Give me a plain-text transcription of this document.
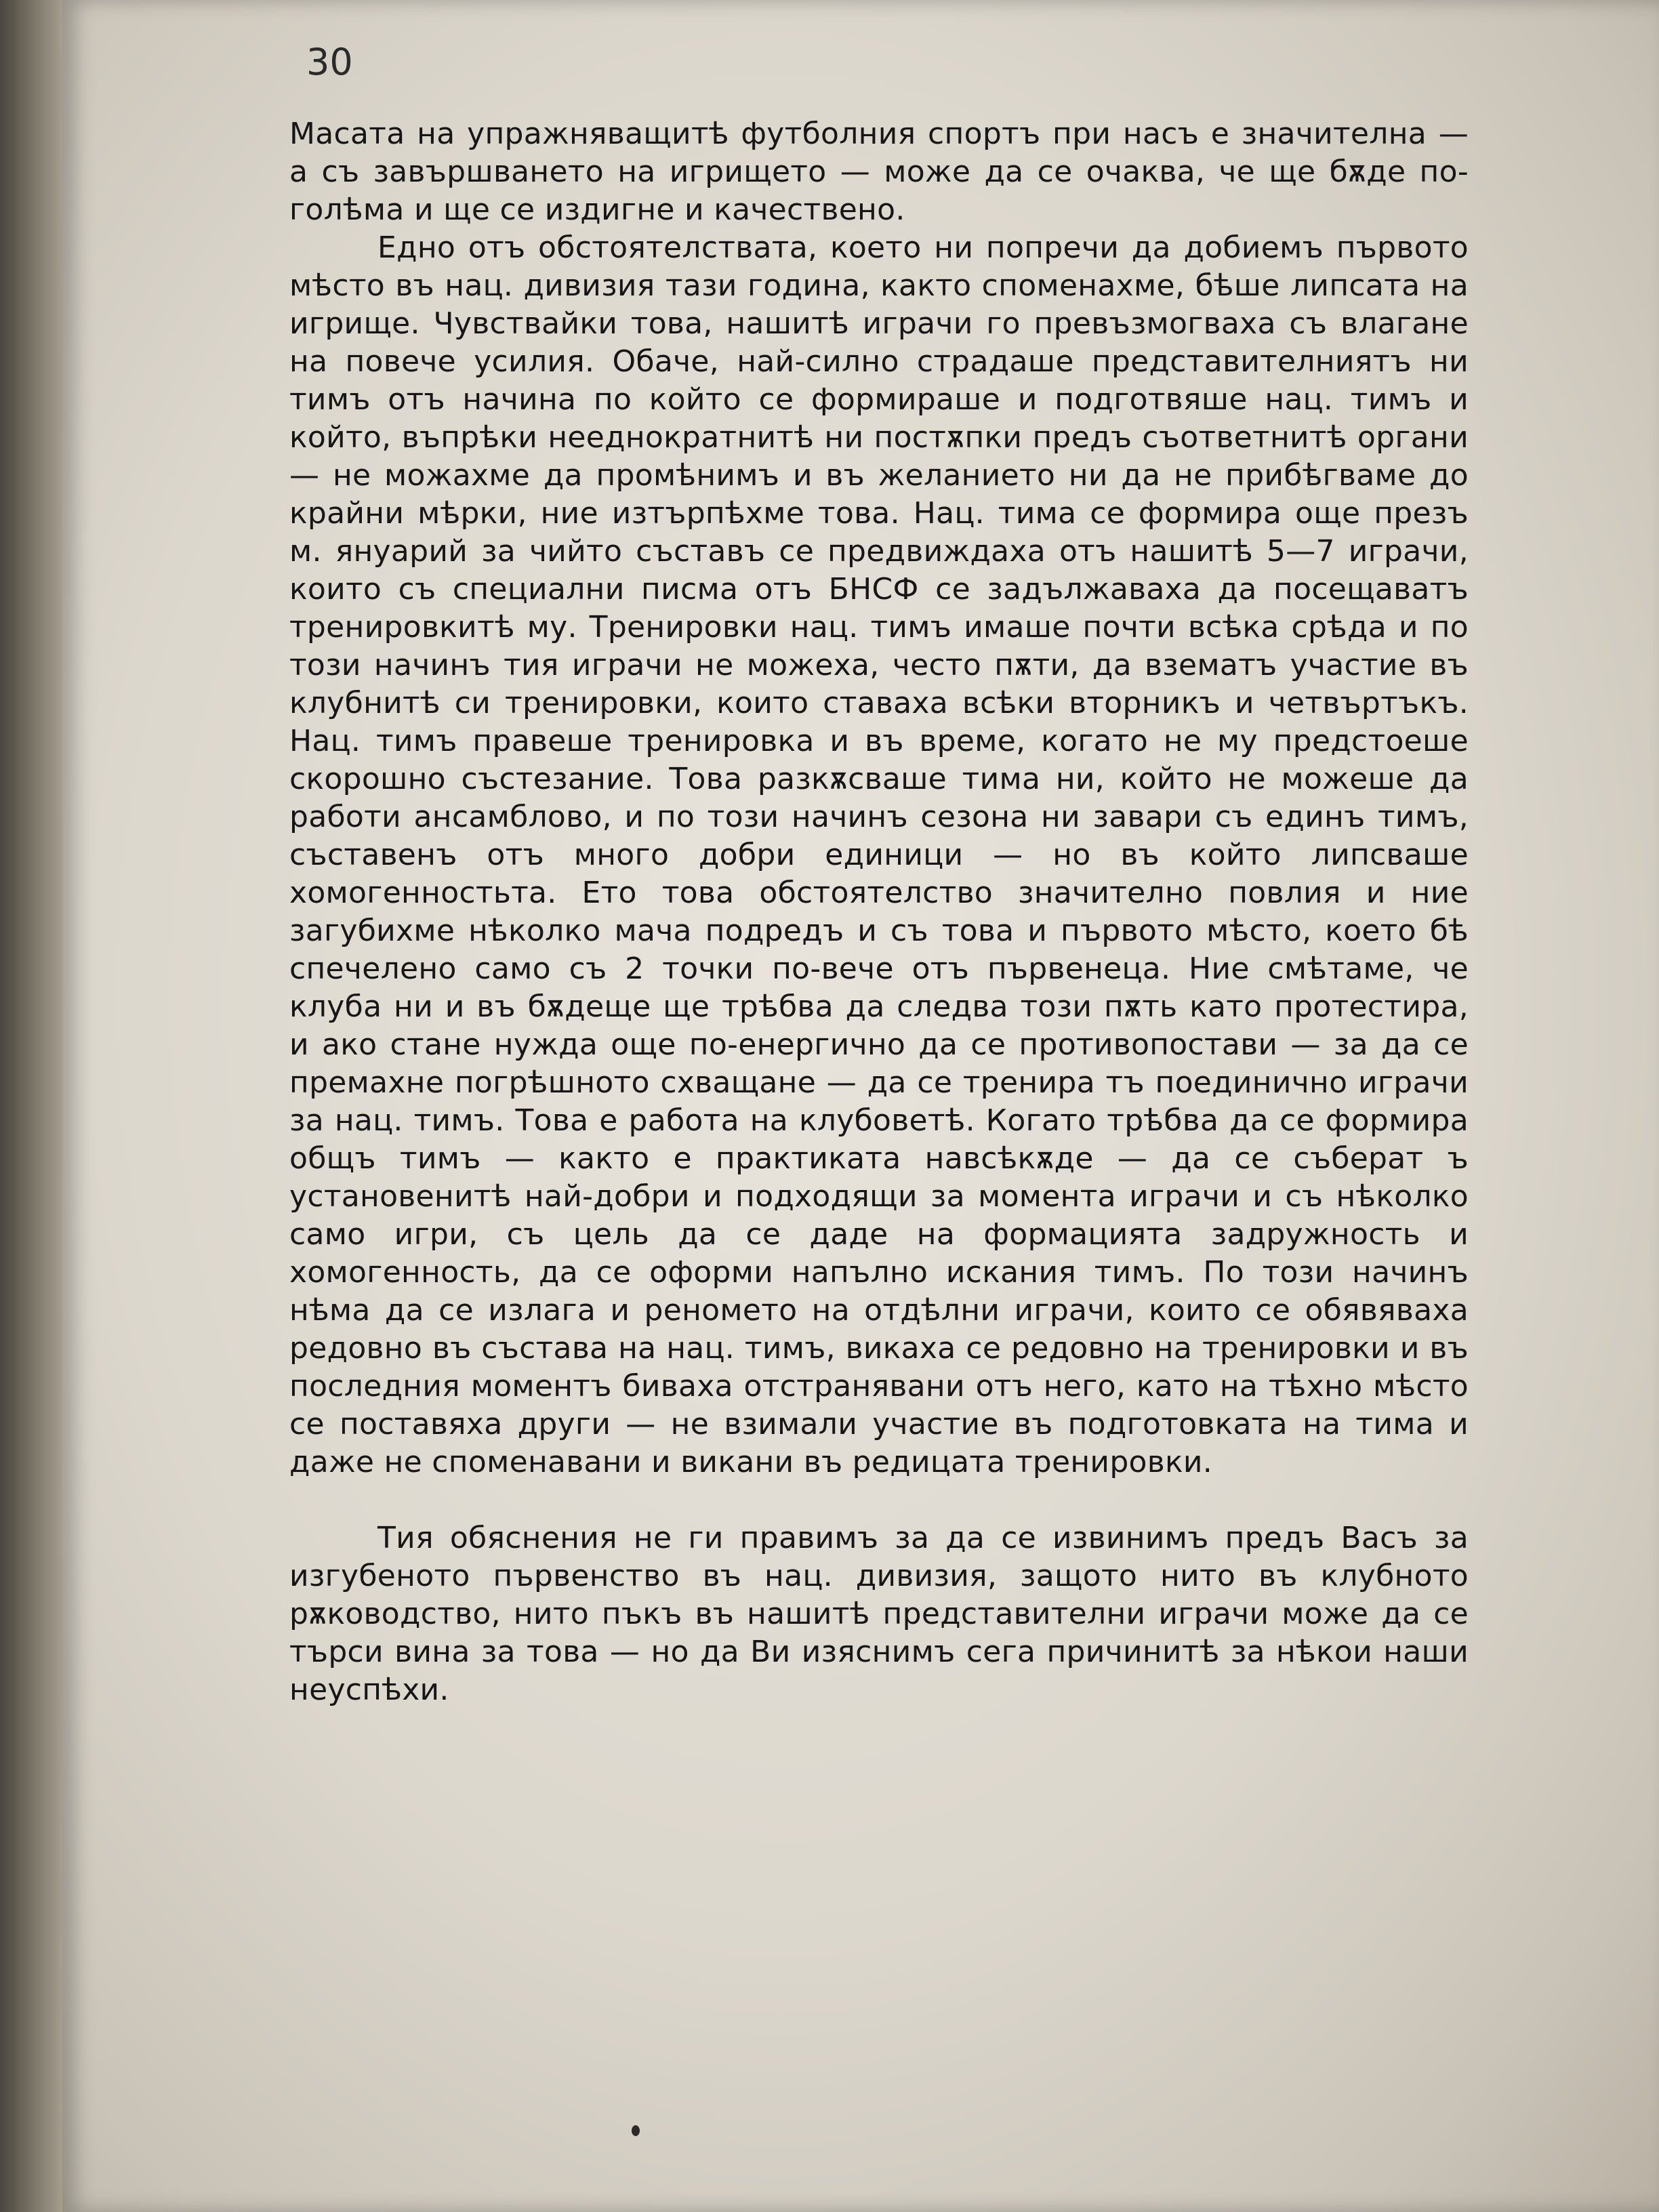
30

Масата на упражняващитѣ футболния спортъ при насъ е значителна — а съ завършването на игрището — може да се очаква, че ще бѫде по-голѣма и ще се издигне и качествено.

Едно отъ обстоятелствата, което ни попречи да добиемъ първото мѣсто въ нац. дивизия тази година, както споменахме, бѣше липсата на игрище. Чувствайки това, нашитѣ играчи го превъзмогваха съ влагане на повече усилия. Обаче, най-силно страдаше представителниятъ ни тимъ отъ начина по който се формираше и подготвяше нац. тимъ и който, въпрѣки нееднократнитѣ ни постѫпки предъ съответнитѣ органи — не можахме да промѣнимъ и въ желанието ни да не прибѣгваме до крайни мѣрки, ние изтърпѣхме това. Нац. тима се формира още презъ м. януарий за чийто съставъ се предвиждаха отъ нашитѣ 5—7 играчи, които съ специални писма отъ БНСФ се задължаваха да посещаватъ тренировкитѣ му. Тренировки нац. тимъ имаше почти всѣка срѣда и по този начинъ тия играчи не можеха, често пѫти, да взематъ участие въ клубнитѣ си тренировки, които ставаха всѣки вторникъ и четвъртъкъ. Нац. тимъ правеше тренировка и въ време, когато не му предстоеше скорошно състезание. Това разкѫсваше тима ни, който не можеше да работи ансамблово, и по този начинъ сезона ни завари съ единъ тимъ, съставенъ отъ много добри единици — но въ който липсваше хомогенностьта. Ето това обстоятелство значително повлия и ние загубихме нѣколко мача подредъ и съ това и първото мѣсто, което бѣ спечелено само съ 2 точки по-вече отъ първенеца. Ние смѣтаме, че клуба ни и въ бѫдеще ще трѣбва да следва този пѫть като протестира, и ако стане нужда още по-енергично да се противопостави — за да се премахне погрѣшното схващане — да се тренира тъ поединично играчи за нац. тимъ. Това е работа на клубоветѣ. Когато трѣбва да се формира общъ тимъ — както е практиката навсѣкѫде — да се съберат ъ установенитѣ най-добри и подходящи за момента играчи и съ нѣколко само игри, съ цель да се даде на формацията задружность и хомогенность, да се оформи напълно искания тимъ. По този начинъ нѣма да се излага и реномето на отдѣлни играчи, които се обявяваха редовно въ състава на нац. тимъ, викаха се редовно на тренировки и въ последния моментъ биваха отстранявани отъ него, като на тѣхно мѣсто се поставяха други — не взимали участие въ подготовката на тима и даже не споменавани и викани въ редицата тренировки.

Тия обяснения не ги правимъ за да се извинимъ предъ Васъ за изгубеното първенство въ нац. дивизия, защото нито въ клубното рѫководство, нито пъкъ въ нашитѣ представителни играчи може да се търси вина за това — но да Ви изяснимъ сега причинитѣ за нѣкои наши неуспѣхи.
